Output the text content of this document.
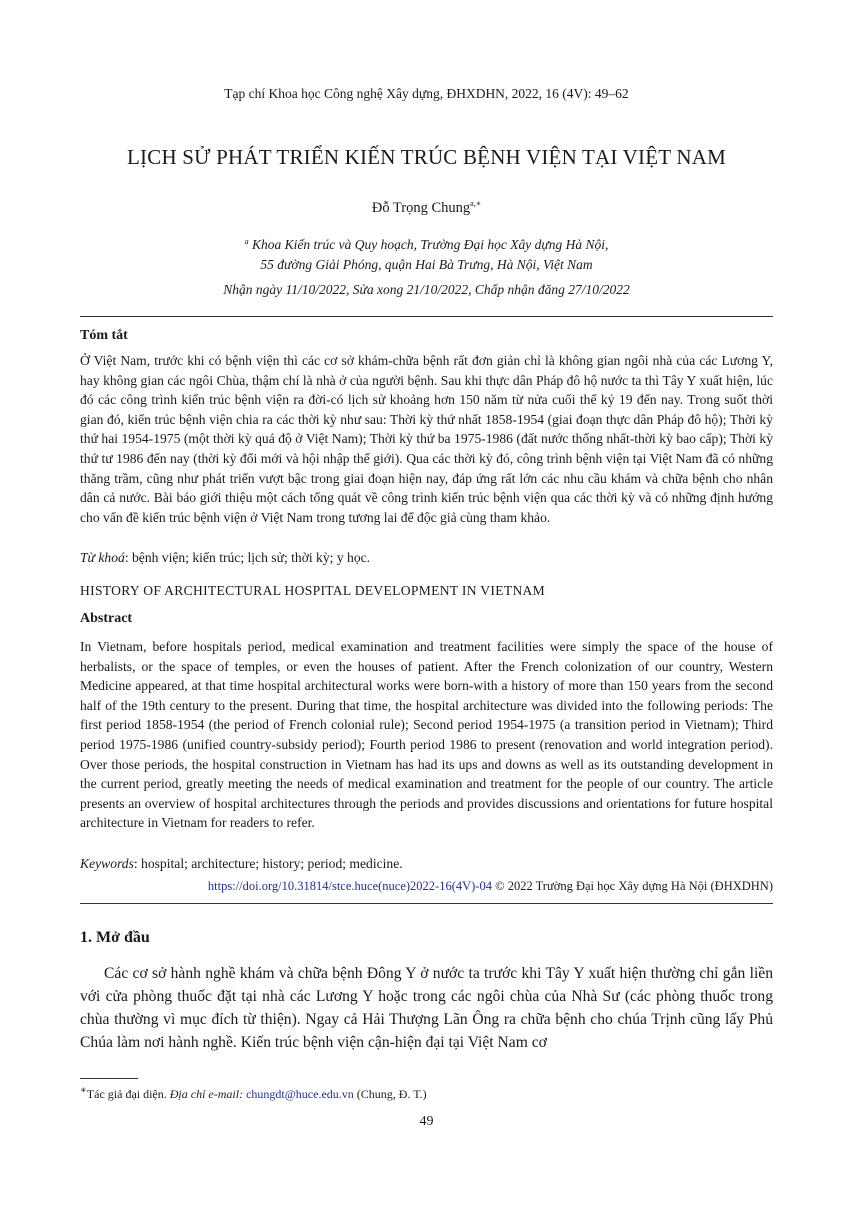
Tạp chí Khoa học Công nghệ Xây dựng, ĐHXDHN, 2022, 16 (4V): 49–62
LỊCH SỬ PHÁT TRIỂN KIẾN TRÚC BỆNH VIỆN TẠI VIỆT NAM
Đỗ Trọng Chung$^{a,∗}$
$^a$ Khoa Kiến trúc và Quy hoạch, Trường Đại học Xây dựng Hà Nội,
55 đường Giải Phóng, quận Hai Bà Trưng, Hà Nội, Việt Nam
Nhận ngày 11/10/2022, Sửa xong 21/10/2022, Chấp nhận đăng 27/10/2022
Tóm tắt
Ở Việt Nam, trước khi có bệnh viện thì các cơ sở khám-chữa bệnh rất đơn giản chỉ là không gian ngôi nhà của các Lương Y, hay không gian các ngôi Chùa, thậm chí là nhà ở của người bệnh. Sau khi thực dân Pháp đô hộ nước ta thì Tây Y xuất hiện, lúc đó các công trình kiến trúc bệnh viện ra đời-có lịch sử khoảng hơn 150 năm từ nửa cuối thế kỷ 19 đến nay. Trong suốt thời gian đó, kiến trúc bệnh viện chia ra các thời kỳ như sau: Thời kỳ thứ nhất 1858-1954 (giai đoạn thực dân Pháp đô hộ); Thời kỳ thứ hai 1954-1975 (một thời kỳ quá độ ở Việt Nam); Thời kỳ thứ ba 1975-1986 (đất nước thống nhất-thời kỳ bao cấp); Thời kỳ thứ tư 1986 đến nay (thời kỳ đổi mới và hội nhập thế giới). Qua các thời kỳ đó, công trình bệnh viện tại Việt Nam đã có những thăng trầm, cũng như phát triển vượt bậc trong giai đoạn hiện nay, đáp ứng rất lớn các nhu cầu khám và chữa bệnh cho nhân dân cả nước. Bài báo giới thiệu một cách tổng quát về công trình kiến trúc bệnh viện qua các thời kỳ và có những định hướng cho vấn đề kiến trúc bệnh viện ở Việt Nam trong tương lai để độc giả cùng tham khảo.
Từ khoá: bệnh viện; kiến trúc; lịch sử; thời kỳ; y học.
HISTORY OF ARCHITECTURAL HOSPITAL DEVELOPMENT IN VIETNAM
Abstract
In Vietnam, before hospitals period, medical examination and treatment facilities were simply the space of the house of herbalists, or the space of temples, or even the houses of patient. After the French colonization of our country, Western Medicine appeared, at that time hospital architectural works were born-with a history of more than 150 years from the second half of the 19th century to the present. During that time, the hospital architecture was divided into the following periods: The first period 1858-1954 (the period of French colonial rule); Second period 1954-1975 (a transition period in Vietnam); Third period 1975-1986 (unified country-subsidy period); Fourth period 1986 to present (renovation and world integration period). Over those periods, the hospital construction in Vietnam has had its ups and downs as well as its outstanding development in the current period, greatly meeting the needs of medical examination and treatment for the people of our country. The article presents an overview of hospital architectures through the periods and provides discussions and orientations for future hospital architecture in Vietnam for readers to refer.
Keywords: hospital; architecture; history; period; medicine.
https://doi.org/10.31814/stce.huce(nuce)2022-16(4V)-04 © 2022 Trường Đại học Xây dựng Hà Nội (ĐHXDHN)
1. Mở đầu
Các cơ sở hành nghề khám và chữa bệnh Đông Y ở nước ta trước khi Tây Y xuất hiện thường chỉ gắn liền với cửa phòng thuốc đặt tại nhà các Lương Y hoặc trong các ngôi chùa của Nhà Sư (các phòng thuốc trong chùa thường vì mục đích từ thiện). Ngay cả Hải Thượng Lãn Ông ra chữa bệnh cho chúa Trịnh cũng lấy Phủ Chúa làm nơi hành nghề. Kiến trúc bệnh viện cận-hiện đại tại Việt Nam cơ
∗Tác giả đại diện. Địa chỉ e-mail: chungdt@huce.edu.vn (Chung, Đ. T.)
49
